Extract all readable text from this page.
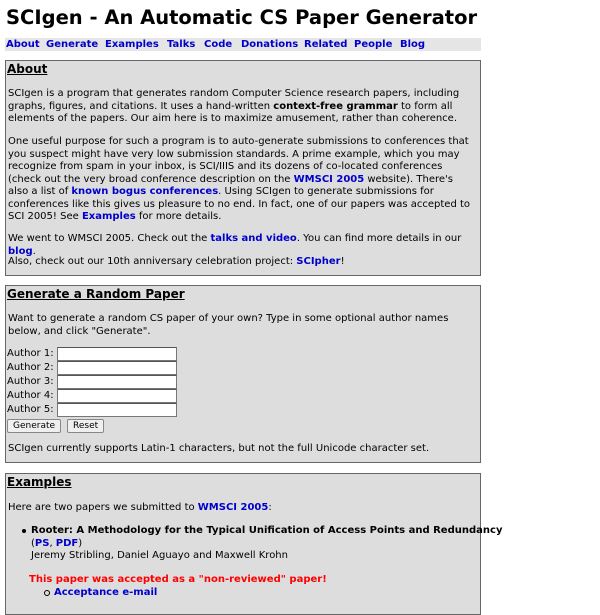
SCIgen - An Automatic CS Paper Generator
About Generate Examples Talks Code Donations Related People Blog
About

SCIgen is a program that generates random Computer Science research papers, including graphs, figures, and citations. It uses a hand-written context-free grammar to form all elements of the papers. Our aim here is to maximize amusement, rather than coherence.

One useful purpose for such a program is to auto-generate submissions to conferences that you suspect might have very low submission standards. A prime example, which you may recognize from spam in your inbox, is SCI/IIIS and its dozens of co-located conferences (check out the very broad conference description on the WMSCI 2005 website). There's also a list of known bogus conferences. Using SCIgen to generate submissions for conferences like this gives us pleasure to no end. In fact, one of our papers was accepted to SCI 2005! See Examples for more details.

We went to WMSCI 2005. Check out the talks and video. You can find more details in our blog.

Also, check out our 10th anniversary celebration project: SCIpher!

Generate a Random Paper

Want to generate a random CS paper of your own? Type in some optional author names below, and click "Generate".

Author 1:
Author 2:
Author 3:
Author 4:
Author 5:
Generate	Reset

SCIgen currently supports Latin-1 characters, but not the full Unicode character set.

Examples

Here are two papers we submitted to WMSCI 2005:

Rooter: A Methodology for the Typical Unification of Access Points and Redundancy
(PS, PDF)
Jeremy Stribling, Daniel Aguayo and Maxwell Krohn
This paper was accepted as a "non-reviewed" paper!
Acceptance e-mail
